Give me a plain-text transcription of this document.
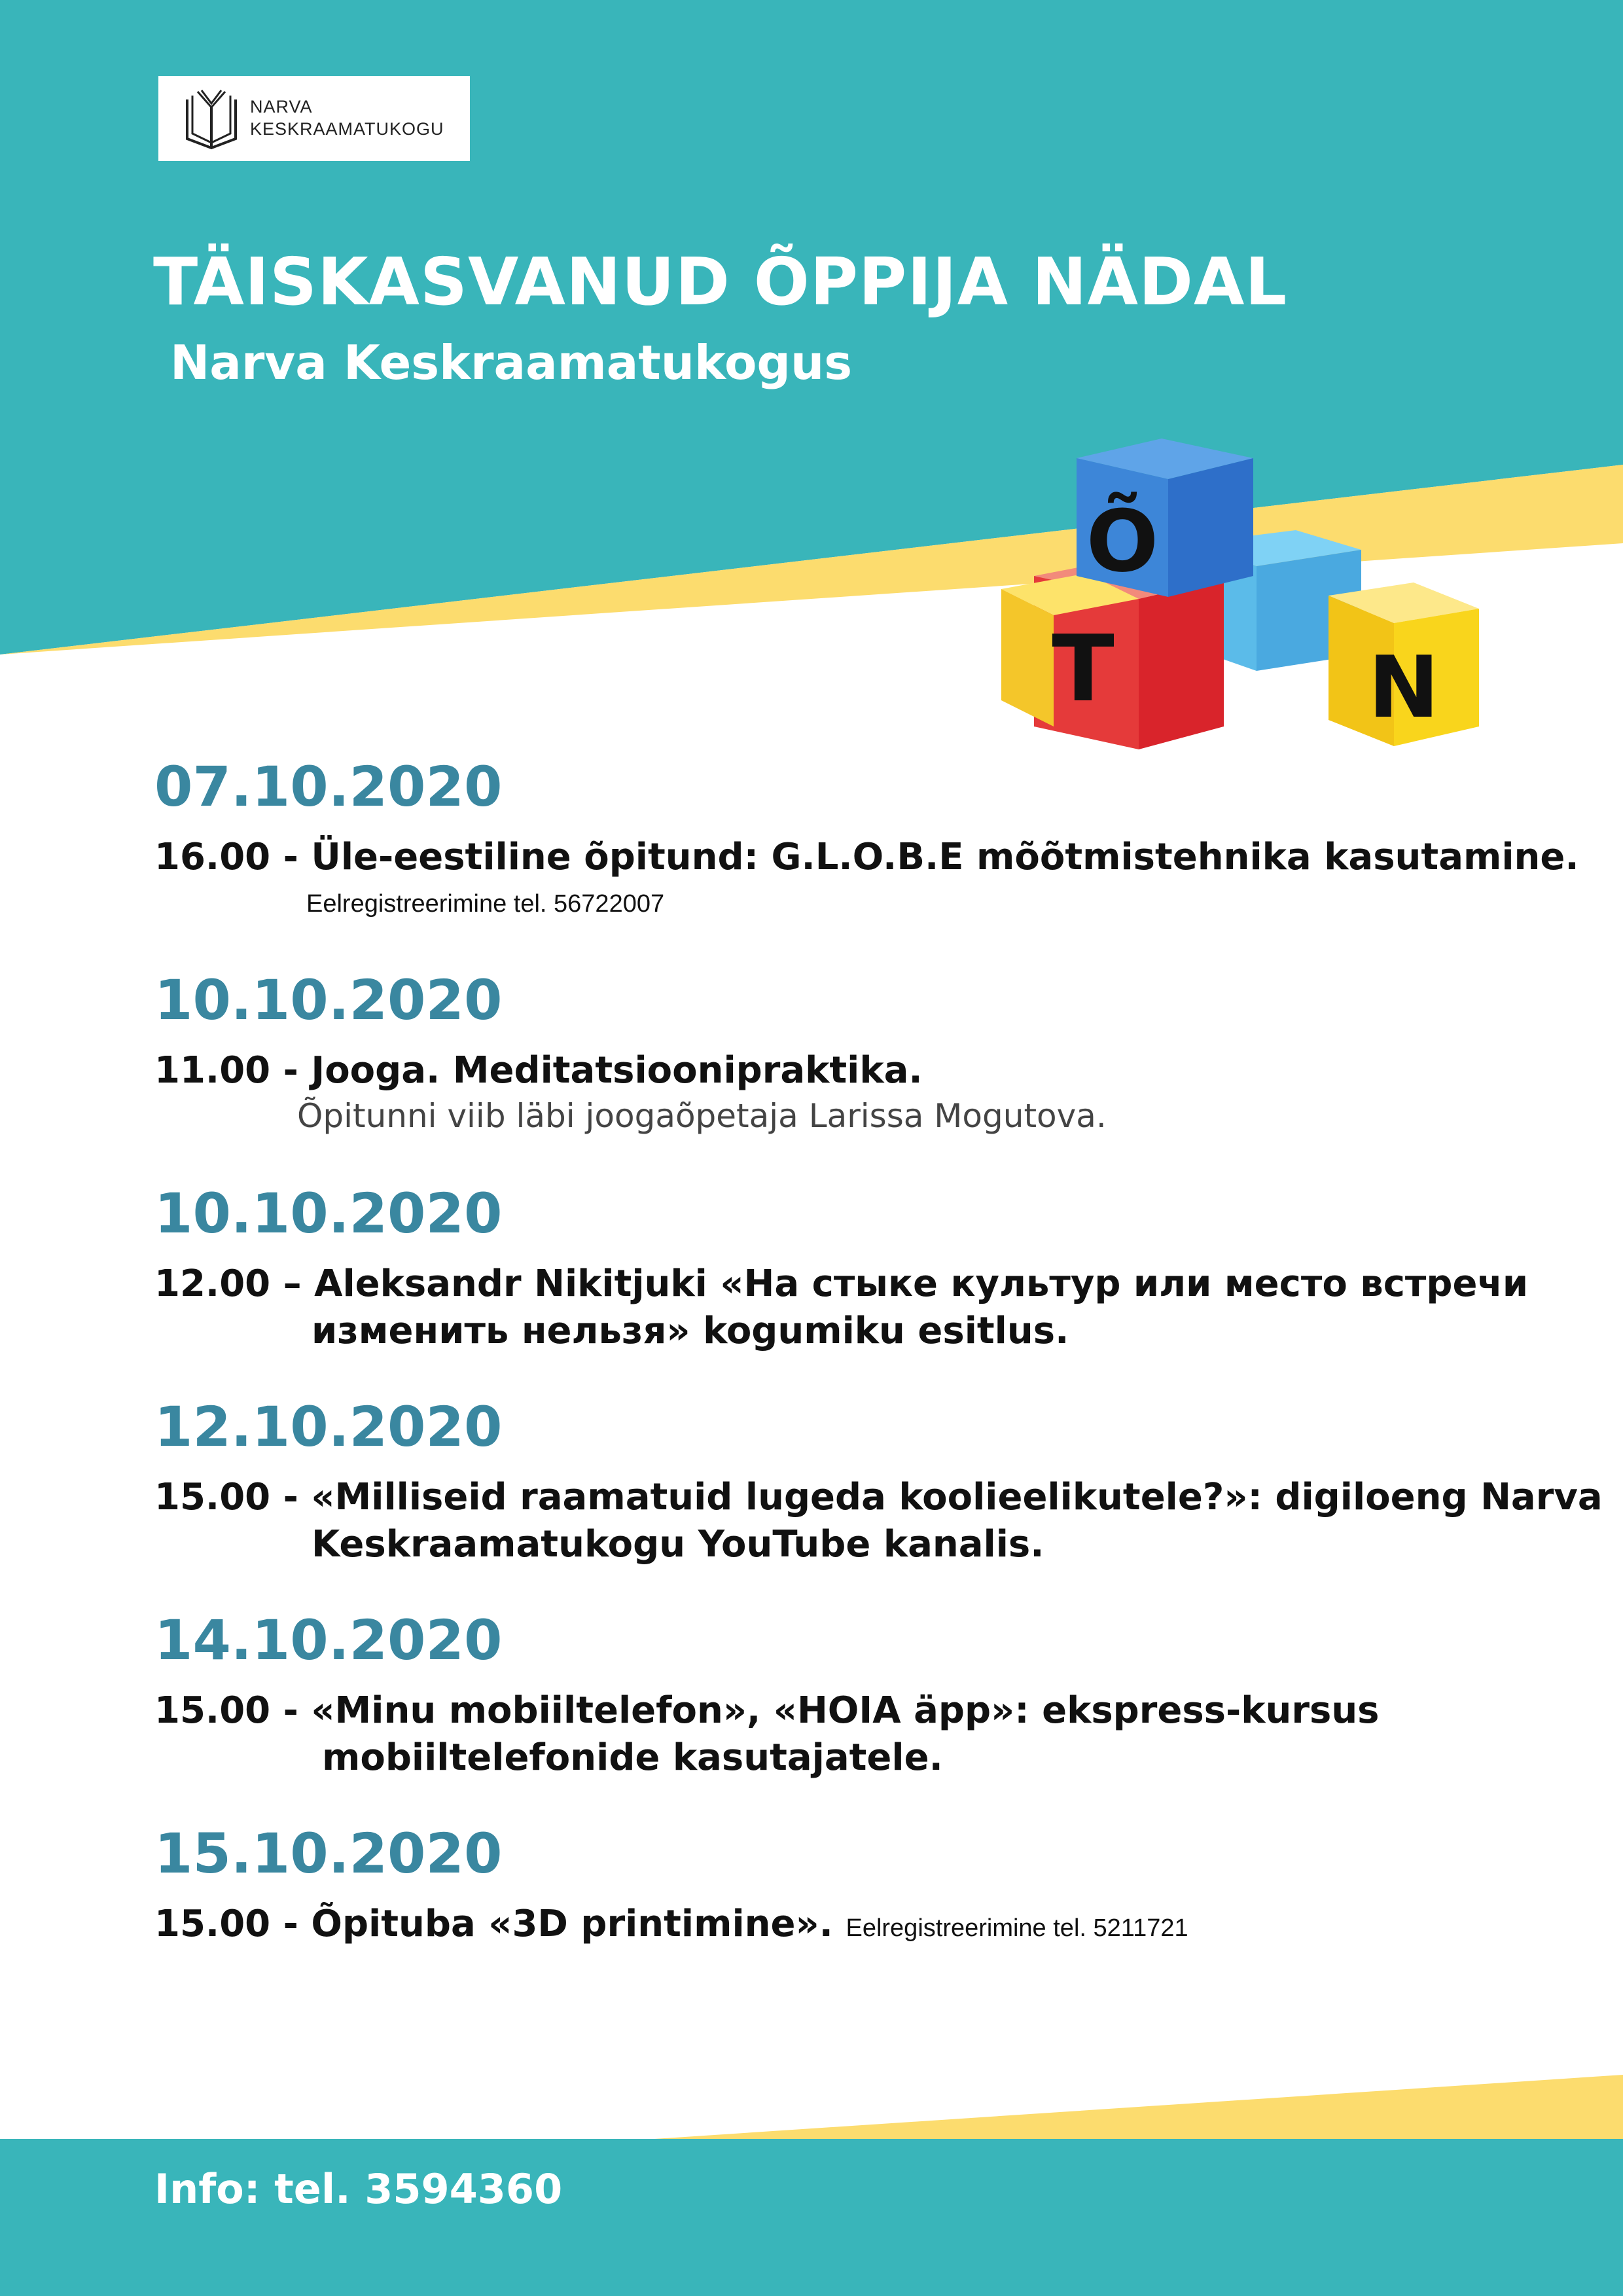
NARVA
KESKRAAMATUKOGU
TÄISKASVANUD ÕPPIJA NÄDAL
Narva Keskraamatukogus
T
Õ
N
07.10.2020
16.00 - Üle-eestiline õpitund: G.L.O.B.E mõõtmistehnika kasutamine.
Eelregistreerimine tel. 56722007
10.10.2020
11.00 - Jooga. Meditatsioonipraktika.
Õpitunni viib läbi joogaõpetaja Larissa Mogutova.
10.10.2020
12.00 – Aleksandr Nikitjuki «На стыке культур или место встречи
изменить нельзя» kogumiku esitlus.
12.10.2020
15.00 - «Milliseid raamatuid lugeda koolieelikutele?»: digiloeng Narva
Keskraamatukogu YouTube kanalis.
14.10.2020
15.00 - «Minu mobiiltelefon», «HOIA äpp»: ekspress-kursus
mobiiltelefonide kasutajatele.
15.10.2020
15.00 - Õpituba «3D printimine». Eelregistreerimine tel. 5211721
Info: tel. 3594360
